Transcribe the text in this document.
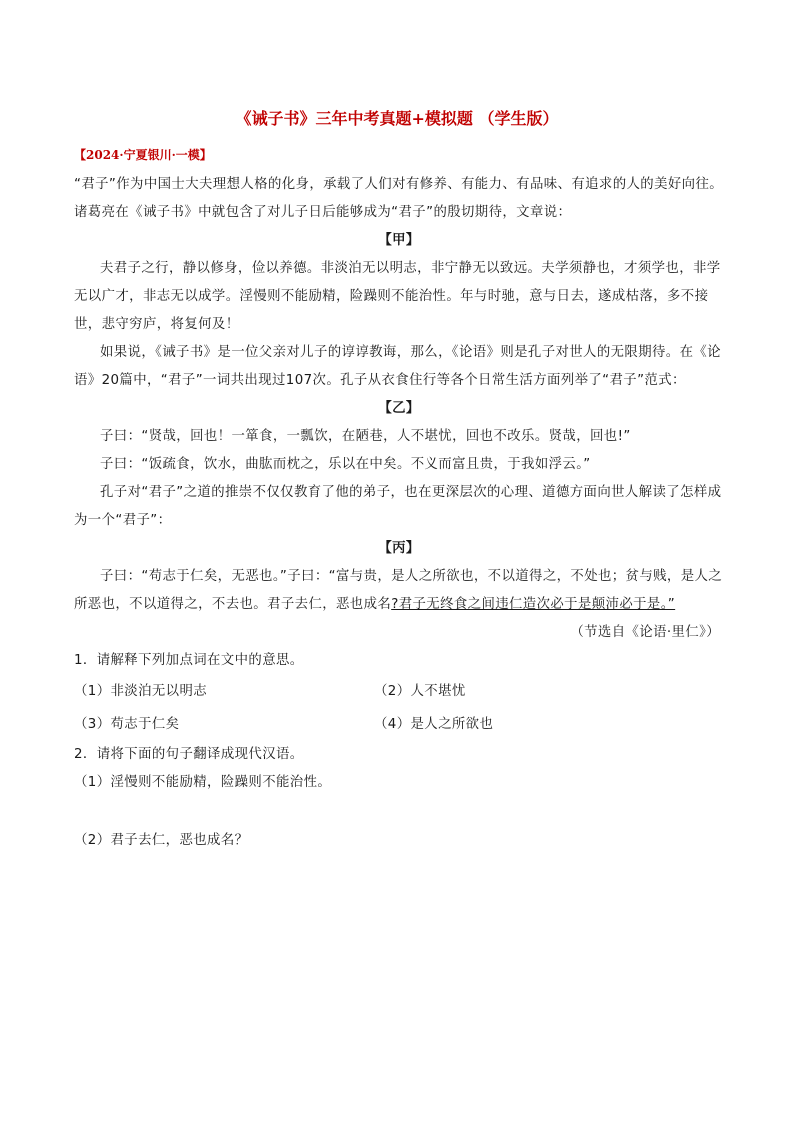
《诫子书》三年中考真题+模拟题 （学生版）
【2024·宁夏银川·一模】

“君子”作为中国士大夫理想人格的化身，承载了人们对有修养、有能力、有品味、有追求的人的美好向往。诸葛亮在《诫子书》中就包含了对儿子日后能够成为“君子”的殷切期待，文章说：

【甲】

夫君子之行，静以修身，俭以养德。非淡泊无以明志，非宁静无以致远。夫学须静也，才须学也，非学无以广才，非志无以成学。淫慢则不能励精，险躁则不能治性。年与时驰，意与日去，遂成枯落，多不接世，悲守穷庐，将复何及！

如果说，《诫子书》是一位父亲对儿子的谆谆教诲，那么，《论语》则是孔子对世人的无限期待。在《论语》20篇中，“君子”一词共出现过107次。孔子从衣食住行等各个日常生活方面列举了“君子”范式：

【乙】

子曰：“贤哉，回也！一箪食，一瓢饮，在陋巷，人不堪忧，回也不改乐。贤哉，回也!”

子曰：“饭疏食，饮水，曲肱而枕之，乐以在中矣。不义而富且贵，于我如浮云。”

孔子对“君子”之道的推崇不仅仅教育了他的弟子，也在更深层次的心理、道德方面向世人解读了怎样成为一个“君子”：

【丙】

子曰：“苟志于仁矣，无恶也。”子曰：“富与贵，是人之所欲也，不以道得之，不处也；贫与贱，是人之所恶也，不以道得之，不去也。君子去仁，恶也成名?君子无终食之间违仁造次必于是颠沛必于是。”

（节选自《论语·里仁》）

1．请解释下列加点词在文中的意思。

（1）非淡泊无以明志	（2）人不堪忧
（3）苟志于仁矣	（4）是人之所欲也

2．请将下面的句子翻译成现代汉语。

（1）淫慢则不能励精，险躁则不能治性。

（2）君子去仁，恶也成名？
